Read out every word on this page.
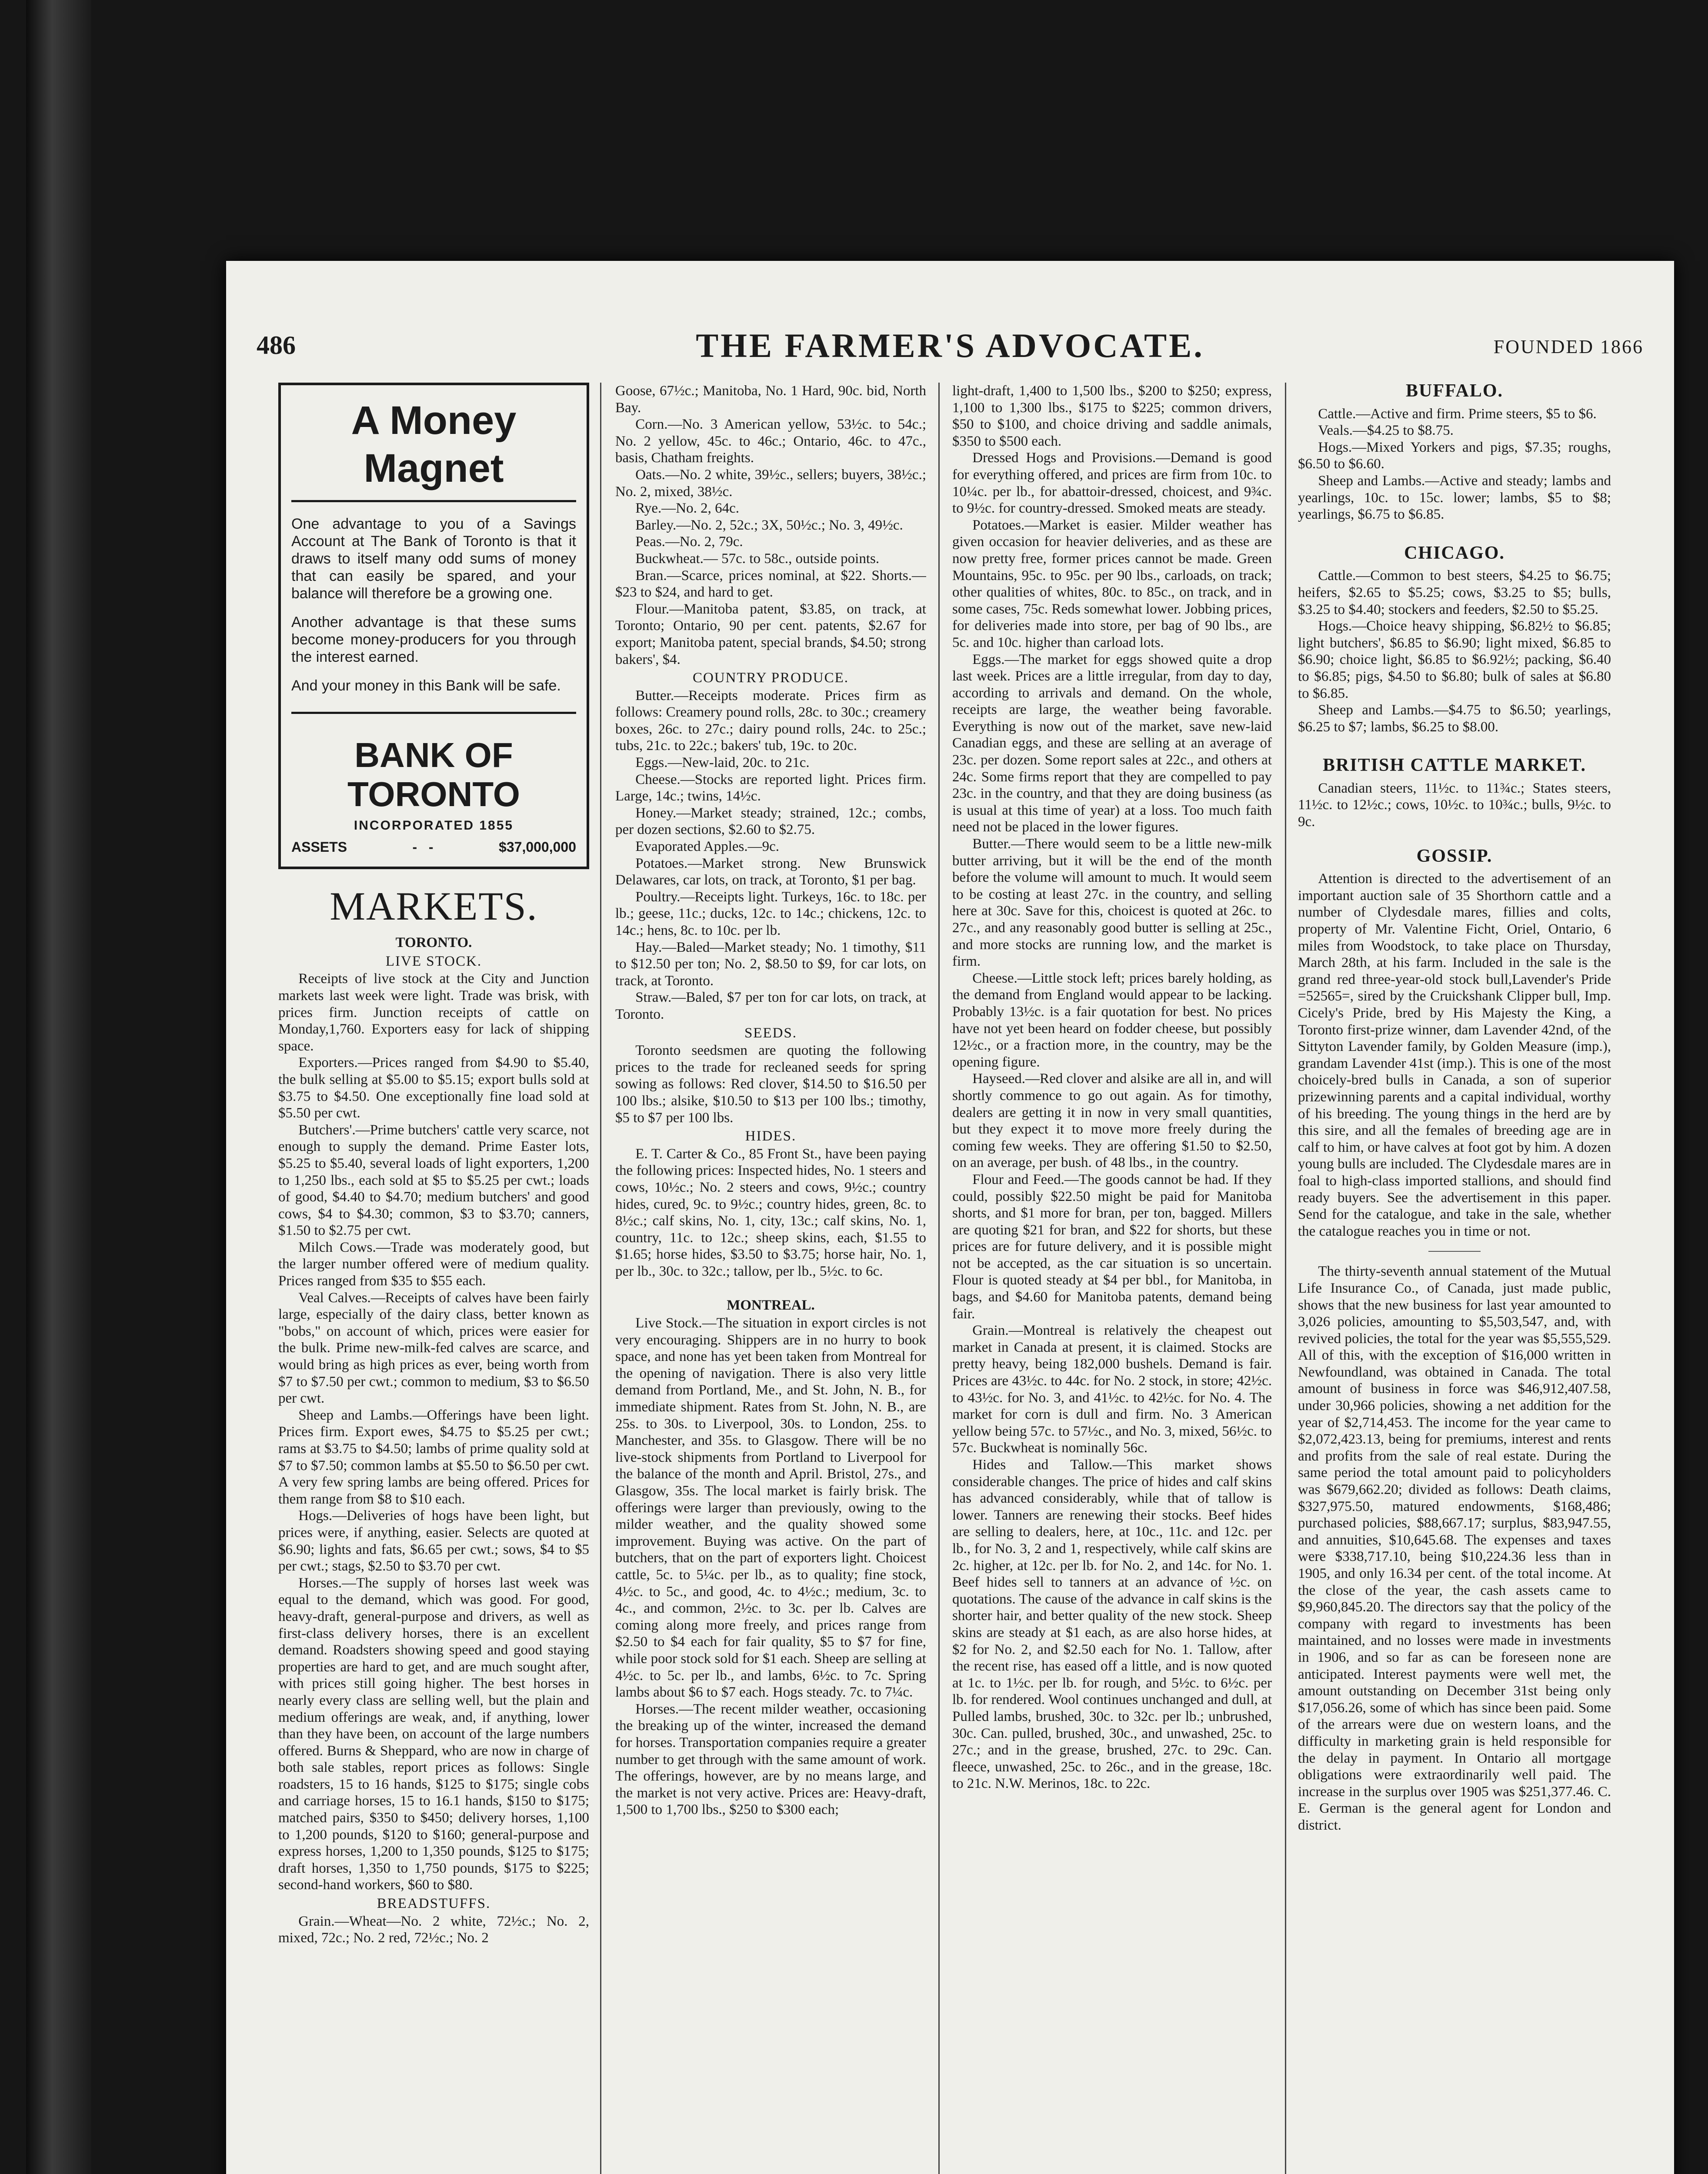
486	THE FARMER'S ADVOCATE.	FOUNDED 1866
A Money Magnet

One advantage to you of a Savings Account at The Bank of Toronto is that it draws to itself many odd sums of money that can easily be spared, and your balance will therefore be a growing one.

Another advantage is that these sums become money-producers for you through the interest earned.

And your money in this Bank will be safe.

BANK OF TORONTO
INCORPORATED 1855
ASSETS	-   -	$37,000,000
MARKETS.
TORONTO.
LIVE STOCK.

Receipts of live stock at the City and Junction markets last week were light. Trade was brisk, with prices firm. Junction receipts of cattle on Monday,1,760. Exporters easy for lack of shipping space.

Exporters.—Prices ranged from $4.90 to $5.40, the bulk selling at $5.00 to $5.15; export bulls sold at $3.75 to $4.50. One exceptionally fine load sold at $5.50 per cwt.

Butchers'.—Prime butchers' cattle very scarce, not enough to supply the demand. Prime Easter lots, $5.25 to $5.40, several loads of light exporters, 1,200 to 1,250 lbs., each sold at $5 to $5.25 per cwt.; loads of good, $4.40 to $4.70; medium butchers' and good cows, $4 to $4.30; common, $3 to $3.70; canners, $1.50 to $2.75 per cwt.

Milch Cows.—Trade was moderately good, but the larger number offered were of medium quality. Prices ranged from $35 to $55 each.

Veal Calves.—Receipts of calves have been fairly large, especially of the dairy class, better known as "bobs," on account of which, prices were easier for the bulk. Prime new-milk-fed calves are scarce, and would bring as high prices as ever, being worth from $7 to $7.50 per cwt.; common to medium, $3 to $6.50 per cwt.

Sheep and Lambs.—Offerings have been light. Prices firm. Export ewes, $4.75 to $5.25 per cwt.; rams at $3.75 to $4.50; lambs of prime quality sold at $7 to $7.50; common lambs at $5.50 to $6.50 per cwt. A very few spring lambs are being offered. Prices for them range from $8 to $10 each.

Hogs.—Deliveries of hogs have been light, but prices were, if anything, easier. Selects are quoted at $6.90; lights and fats, $6.65 per cwt.; sows, $4 to $5 per cwt.; stags, $2.50 to $3.70 per cwt.

Horses.—The supply of horses last week was equal to the demand, which was good. For good, heavy-draft, general-purpose and drivers, as well as first-class delivery horses, there is an excellent demand. Roadsters showing speed and good staying properties are hard to get, and are much sought after, with prices still going higher. The best horses in nearly every class are selling well, but the plain and medium offerings are weak, and, if anything, lower than they have been, on account of the large numbers offered. Burns & Sheppard, who are now in charge of both sale stables, report prices as follows: Single roadsters, 15 to 16 hands, $125 to $175; single cobs and carriage horses, 15 to 16.1 hands, $150 to $175; matched pairs, $350 to $450; delivery horses, 1,100 to 1,200 pounds, $120 to $160; general-purpose and express horses, 1,200 to 1,350 pounds, $125 to $175; draft horses, 1,350 to 1,750 pounds, $175 to $225; second-hand workers, $60 to $80.

BREADSTUFFS.

Grain.—Wheat—No. 2 white, 72½c.; No. 2, mixed, 72c.; No. 2 red, 72½c.; No. 2

Goose, 67½c.; Manitoba, No. 1 Hard, 90c. bid, North Bay.

Corn.—No. 3 American yellow, 53½c. to 54c.; No. 2 yellow, 45c. to 46c.; Ontario, 46c. to 47c., basis, Chatham freights.

Oats.—No. 2 white, 39½c., sellers; buyers, 38½c.; No. 2, mixed, 38½c.

Rye.—No. 2, 64c.

Barley.—No. 2, 52c.; 3X, 50½c.; No. 3, 49½c.

Peas.—No. 2, 79c.

Buckwheat.— 57c. to 58c., outside points.

Bran.—Scarce, prices nominal, at $22. Shorts.—$23 to $24, and hard to get.

Flour.—Manitoba patent, $3.85, on track, at Toronto; Ontario, 90 per cent. patents, $2.67 for export; Manitoba patent, special brands, $4.50; strong bakers', $4.

COUNTRY PRODUCE.

Butter.—Receipts moderate. Prices firm as follows: Creamery pound rolls, 28c. to 30c.; creamery boxes, 26c. to 27c.; dairy pound rolls, 24c. to 25c.; tubs, 21c. to 22c.; bakers' tub, 19c. to 20c.

Eggs.—New-laid, 20c. to 21c.

Cheese.—Stocks are reported light. Prices firm. Large, 14c.; twins, 14½c.

Honey.—Market steady; strained, 12c.; combs, per dozen sections, $2.60 to $2.75.

Evaporated Apples.—9c.

Potatoes.—Market strong. New Brunswick Delawares, car lots, on track, at Toronto, $1 per bag.

Poultry.—Receipts light. Turkeys, 16c. to 18c. per lb.; geese, 11c.; ducks, 12c. to 14c.; chickens, 12c. to 14c.; hens, 8c. to 10c. per lb.

Hay.—Baled—Market steady; No. 1 timothy, $11 to $12.50 per ton; No. 2, $8.50 to $9, for car lots, on track, at Toronto.

Straw.—Baled, $7 per ton for car lots, on track, at Toronto.

SEEDS.

Toronto seedsmen are quoting the following prices to the trade for recleaned seeds for spring sowing as follows: Red clover, $14.50 to $16.50 per 100 lbs.; alsike, $10.50 to $13 per 100 lbs.; timothy, $5 to $7 per 100 lbs.

HIDES.

E. T. Carter & Co., 85 Front St., have been paying the following prices: Inspected hides, No. 1 steers and cows, 10½c.; No. 2 steers and cows, 9½c.; country hides, cured, 9c. to 9½c.; country hides, green, 8c. to 8½c.; calf skins, No. 1, city, 13c.; calf skins, No. 1, country, 11c. to 12c.; sheep skins, each, $1.55 to $1.65; horse hides, $3.50 to $3.75; horse hair, No. 1, per lb., 30c. to 32c.; tallow, per lb., 5½c. to 6c.

MONTREAL.

Live Stock.—The situation in export circles is not very encouraging. Shippers are in no hurry to book space, and none has yet been taken from Montreal for the opening of navigation. There is also very little demand from Portland, Me., and St. John, N. B., for immediate shipment. Rates from St. John, N. B., are 25s. to 30s. to Liverpool, 30s. to London, 25s. to Manchester, and 35s. to Glasgow. There will be no live-stock shipments from Portland to Liverpool for the balance of the month and April. Bristol, 27s., and Glasgow, 35s. The local market is fairly brisk. The offerings were larger than previously, owing to the milder weather, and the quality showed some improvement. Buying was active. On the part of butchers, that on the part of exporters light. Choicest cattle, 5c. to 5¼c. per lb., as to quality; fine stock, 4½c. to 5c., and good, 4c. to 4½c.; medium, 3c. to 4c., and common, 2½c. to 3c. per lb. Calves are coming along more freely, and prices range from $2.50 to $4 each for fair quality, $5 to $7 for fine, while poor stock sold for $1 each. Sheep are selling at 4½c. to 5c. per lb., and lambs, 6½c. to 7c. Spring lambs about $6 to $7 each. Hogs steady. 7c. to 7¼c.

Horses.—The recent milder weather, occasioning the breaking up of the winter, increased the demand for horses. Transportation companies require a greater number to get through with the same amount of work. The offerings, however, are by no means large, and the market is not very active. Prices are: Heavy-draft, 1,500 to 1,700 lbs., $250 to $300 each;

light-draft, 1,400 to 1,500 lbs., $200 to $250; express, 1,100 to 1,300 lbs., $175 to $225; common drivers, $50 to $100, and choice driving and saddle animals, $350 to $500 each.

Dressed Hogs and Provisions.—Demand is good for everything offered, and prices are firm from 10c. to 10¼c. per lb., for abattoir-dressed, choicest, and 9¾c. to 9½c. for country-dressed. Smoked meats are steady.

Potatoes.—Market is easier. Milder weather has given occasion for heavier deliveries, and as these are now pretty free, former prices cannot be made. Green Mountains, 95c. to 95c. per 90 lbs., carloads, on track; other qualities of whites, 80c. to 85c., on track, and in some cases, 75c. Reds somewhat lower. Jobbing prices, for deliveries made into store, per bag of 90 lbs., are 5c. and 10c. higher than carload lots.

Eggs.—The market for eggs showed quite a drop last week. Prices are a little irregular, from day to day, according to arrivals and demand. On the whole, receipts are large, the weather being favorable. Everything is now out of the market, save new-laid Canadian eggs, and these are selling at an average of 23c. per dozen. Some report sales at 22c., and others at 24c. Some firms report that they are compelled to pay 23c. in the country, and that they are doing business (as is usual at this time of year) at a loss. Too much faith need not be placed in the lower figures.

Butter.—There would seem to be a little new-milk butter arriving, but it will be the end of the month before the volume will amount to much. It would seem to be costing at least 27c. in the country, and selling here at 30c. Save for this, choicest is quoted at 26c. to 27c., and any reasonably good butter is selling at 25c., and more stocks are running low, and the market is firm.

Cheese.—Little stock left; prices barely holding, as the demand from England would appear to be lacking. Probably 13½c. is a fair quotation for best. No prices have not yet been heard on fodder cheese, but possibly 12½c., or a fraction more, in the country, may be the opening figure.

Hayseed.—Red clover and alsike are all in, and will shortly commence to go out again. As for timothy, dealers are getting it in now in very small quantities, but they expect it to move more freely during the coming few weeks. They are offering $1.50 to $2.50, on an average, per bush. of 48 lbs., in the country.

Flour and Feed.—The goods cannot be had. If they could, possibly $22.50 might be paid for Manitoba shorts, and $1 more for bran, per ton, bagged. Millers are quoting $21 for bran, and $22 for shorts, but these prices are for future delivery, and it is possible might not be accepted, as the car situation is so uncertain. Flour is quoted steady at $4 per bbl., for Manitoba, in bags, and $4.60 for Manitoba patents, demand being fair.

Grain.—Montreal is relatively the cheapest out market in Canada at present, it is claimed. Stocks are pretty heavy, being 182,000 bushels. Demand is fair. Prices are 43½c. to 44c. for No. 2 stock, in store; 42½c. to 43½c. for No. 3, and 41½c. to 42½c. for No. 4. The market for corn is dull and firm. No. 3 American yellow being 57c. to 57½c., and No. 3, mixed, 56½c. to 57c. Buckwheat is nominally 56c.

Hides and Tallow.—This market shows considerable changes. The price of hides and calf skins has advanced considerably, while that of tallow is lower. Tanners are renewing their stocks. Beef hides are selling to dealers, here, at 10c., 11c. and 12c. per lb., for No. 3, 2 and 1, respectively, while calf skins are 2c. higher, at 12c. per lb. for No. 2, and 14c. for No. 1. Beef hides sell to tanners at an advance of ½c. on quotations. The cause of the advance in calf skins is the shorter hair, and better quality of the new stock. Sheep skins are steady at $1 each, as are also horse hides, at $2 for No. 2, and $2.50 each for No. 1. Tallow, after the recent rise, has eased off a little, and is now quoted at 1c. to 1½c. per lb. for rough, and 5½c. to 6½c. per lb. for rendered. Wool continues unchanged and dull, at Pulled lambs, brushed, 30c. to 32c. per lb.; unbrushed, 30c. Can. pulled, brushed, 30c., and unwashed, 25c. to 27c.; and in the grease, brushed, 27c. to 29c. Can. fleece, unwashed, 25c. to 26c., and in the grease, 18c. to 21c. N.W. Merinos, 18c. to 22c.

BUFFALO.

Cattle.—Active and firm. Prime steers, $5 to $6.

Veals.—$4.25 to $8.75.

Hogs.—Mixed Yorkers and pigs, $7.35; roughs, $6.50 to $6.60.

Sheep and Lambs.—Active and steady; lambs and yearlings, 10c. to 15c. lower; lambs, $5 to $8; yearlings, $6.75 to $6.85.

CHICAGO.

Cattle.—Common to best steers, $4.25 to $6.75; heifers, $2.65 to $5.25; cows, $3.25 to $5; bulls, $3.25 to $4.40; stockers and feeders, $2.50 to $5.25.

Hogs.—Choice heavy shipping, $6.82½ to $6.85; light butchers', $6.85 to $6.90; light mixed, $6.85 to $6.90; choice light, $6.85 to $6.92½; packing, $6.40 to $6.85; pigs, $4.50 to $6.80; bulk of sales at $6.80 to $6.85.

Sheep and Lambs.—$4.75 to $6.50; yearlings, $6.25 to $7; lambs, $6.25 to $8.00.

BRITISH CATTLE MARKET.

Canadian steers, 11½c. to 11¾c.; States steers, 11½c. to 12½c.; cows, 10½c. to 10¾c.; bulls, 9½c. to 9c.

GOSSIP.

Attention is directed to the advertisement of an important auction sale of 35 Shorthorn cattle and a number of Clydesdale mares, fillies and colts, property of Mr. Valentine Ficht, Oriel, Ontario, 6 miles from Woodstock, to take place on Thursday, March 28th, at his farm. Included in the sale is the grand red three-year-old stock bull,Lavender's Pride =52565=, sired by the Cruickshank Clipper bull, Imp. Cicely's Pride, bred by His Majesty the King, a Toronto first-prize winner, dam Lavender 42nd, of the Sittyton Lavender family, by Golden Measure (imp.), grandam Lavender 41st (imp.). This is one of the most choicely-bred bulls in Canada, a son of superior prizewinning parents and a capital individual, worthy of his breeding. The young things in the herd are by this sire, and all the females of breeding age are in calf to him, or have calves at foot got by him. A dozen young bulls are included. The Clydesdale mares are in foal to high-class imported stallions, and should find ready buyers. See the advertisement in this paper. Send for the catalogue, and take in the sale, whether the catalogue reaches you in time or not.

The thirty-seventh annual statement of the Mutual Life Insurance Co., of Canada, just made public, shows that the new business for last year amounted to 3,026 policies, amounting to $5,503,547, and, with revived policies, the total for the year was $5,555,529. All of this, with the exception of $16,000 written in Newfoundland, was obtained in Canada. The total amount of business in force was $46,912,407.58, under 30,966 policies, showing a net addition for the year of $2,714,453. The income for the year came to $2,072,423.13, being for premiums, interest and rents and profits from the sale of real estate. During the same period the total amount paid to policyholders was $679,662.20; divided as follows: Death claims, $327,975.50, matured endowments, $168,486; purchased policies, $88,667.17; surplus, $83,947.55, and annuities, $10,645.68. The expenses and taxes were $338,717.10, being $10,224.36 less than in 1905, and only 16.34 per cent. of the total income. At the close of the year, the cash assets came to $9,960,845.20. The directors say that the policy of the company with regard to investments has been maintained, and no losses were made in investments in 1906, and so far as can be foreseen none are anticipated. Interest payments were well met, the amount outstanding on December 31st being only $17,056.26, some of which has since been paid. Some of the arrears were due on western loans, and the difficulty in marketing grain is held responsible for the delay in payment. In Ontario all mortgage obligations were extraordinarily well paid. The increase in the surplus over 1905 was $251,377.46. C. E. German is the general agent for London and district.
